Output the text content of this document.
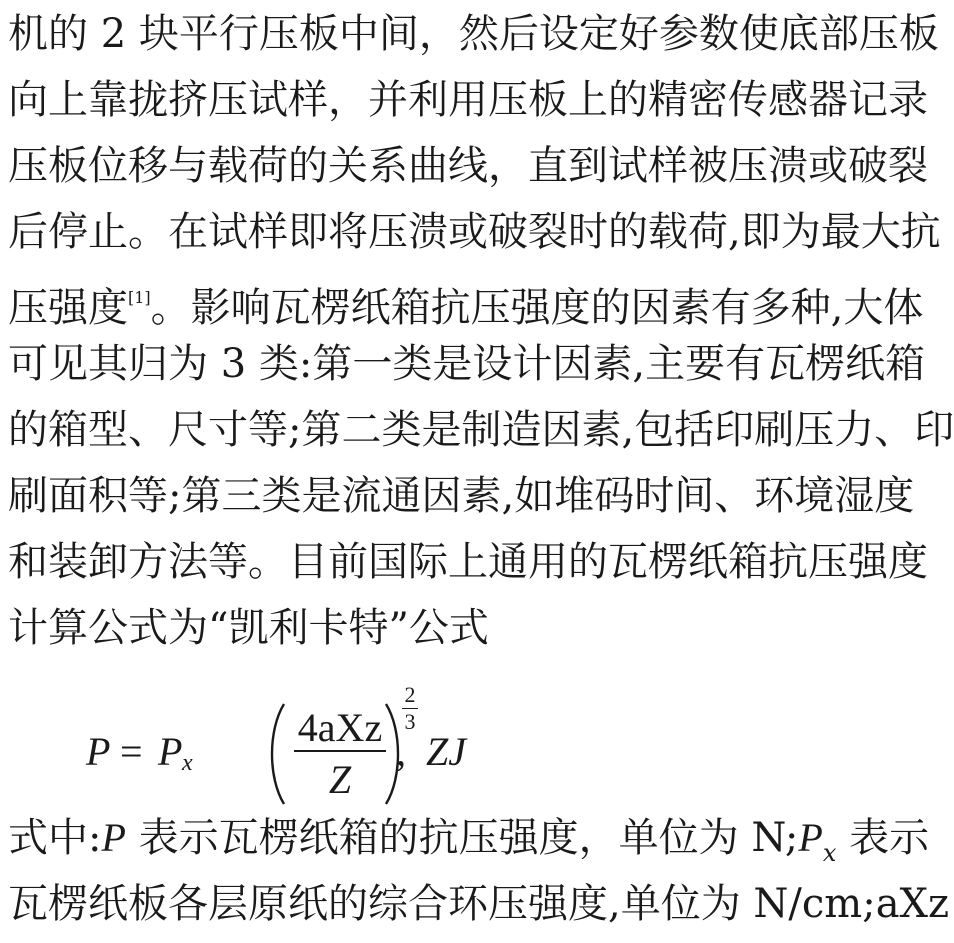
机的 2 块平行压板中间，然后设定好参数使底部压板
向上靠拢挤压试样，并利用压板上的精密传感器记录
压板位移与载荷的关系曲线，直到试样被压溃或破裂
后停止。在试样即将压溃或破裂时的载荷,即为最大抗
压强度[1]。影响瓦楞纸箱抗压强度的因素有多种,大体
可见其归为 3 类:第一类是设计因素,主要有瓦楞纸箱
的箱型、尺寸等;第二类是制造因素,包括印刷压力、印
刷面积等;第三类是流通因素,如堆码时间、环境湿度
和装卸方法等。目前国际上通用的瓦楞纸箱抗压强度
计算公式为“凯利卡特”公式
P = P x
4aXz
Z
2
3
ZJ
,
式中:P 表示瓦楞纸箱的抗压强度，单位为 $N;P_x$ 表示
瓦楞纸板各层原纸的综合环压强度,单位为 N/cm;aXz
